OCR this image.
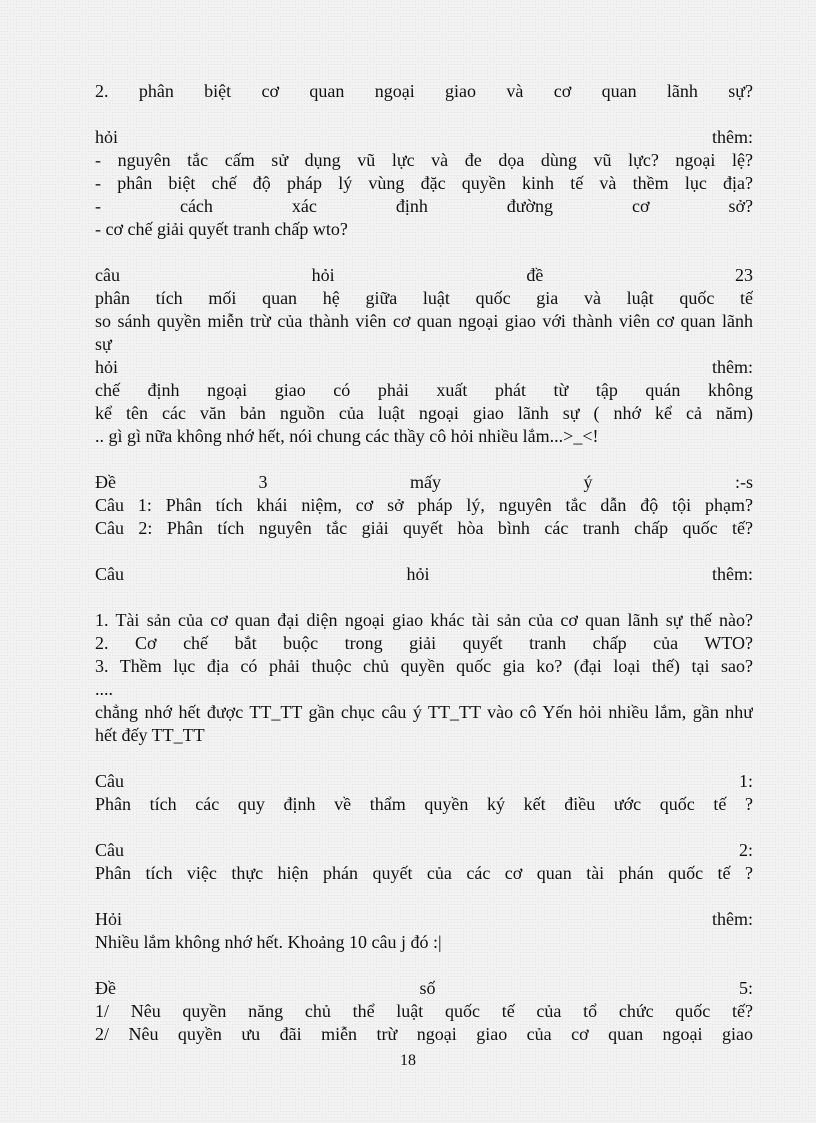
2. phân biệt cơ quan ngoại giao và cơ quan lãnh sự?
hỏi thêm:
- nguyên tắc cấm sử dụng vũ lực và đe dọa dùng vũ lực? ngoại lệ?
- phân biệt chế độ pháp lý vùng đặc quyền kinh tế và thềm lục địa?
- cách xác định đường cơ sở?
- cơ chế giải quyết tranh chấp wto?
câu hỏi đề 23
phân tích mối quan hệ giữa luật quốc gia và luật quốc tế
so sánh quyền miễn trừ của thành viên cơ quan ngoại giao với thành viên cơ quan lãnh
sự
hỏi thêm:
chế định ngoại giao có phải xuất phát từ tập quán không
kể tên các văn bản nguồn của luật ngoại giao lãnh sự ( nhớ kể cả năm)
.. gì gì nữa không nhớ hết, nói chung các thầy cô hỏi nhiều lắm...>_<!
Đề 3 mấy ý :-s
Câu 1: Phân tích khái niệm, cơ sở pháp lý, nguyên tắc dẫn độ tội phạm?
Câu 2: Phân tích nguyên tắc giải quyết hòa bình các tranh chấp quốc tế?
Câu hỏi thêm:
1. Tài sản của cơ quan đại diện ngoại giao khác tài sản của cơ quan lãnh sự thế nào?
2. Cơ chế bắt buộc trong giải quyết tranh chấp của WTO?
3. Thềm lục địa có phải thuộc chủ quyền quốc gia ko? (đại loại thế) tại sao?
....
chẳng nhớ hết được TT_TT gần chục câu ý TT_TT vào cô Yến hỏi nhiều lắm, gần như
hết đếy TT_TT
Câu 1:
Phân tích các quy định về thẩm quyền ký kết điều ước quốc tế ?
Câu 2:
Phân tích việc thực hiện phán quyết của các cơ quan tài phán quốc tế ?
Hỏi thêm:
Nhiều lắm không nhớ hết. Khoảng 10 câu j đó :|
Đề số 5:
1/ Nêu quyền năng chủ thể luật quốc tế của tổ chức quốc tế?
2/ Nêu quyền ưu đãi miễn trừ ngoại giao của cơ quan ngoại giao
18
